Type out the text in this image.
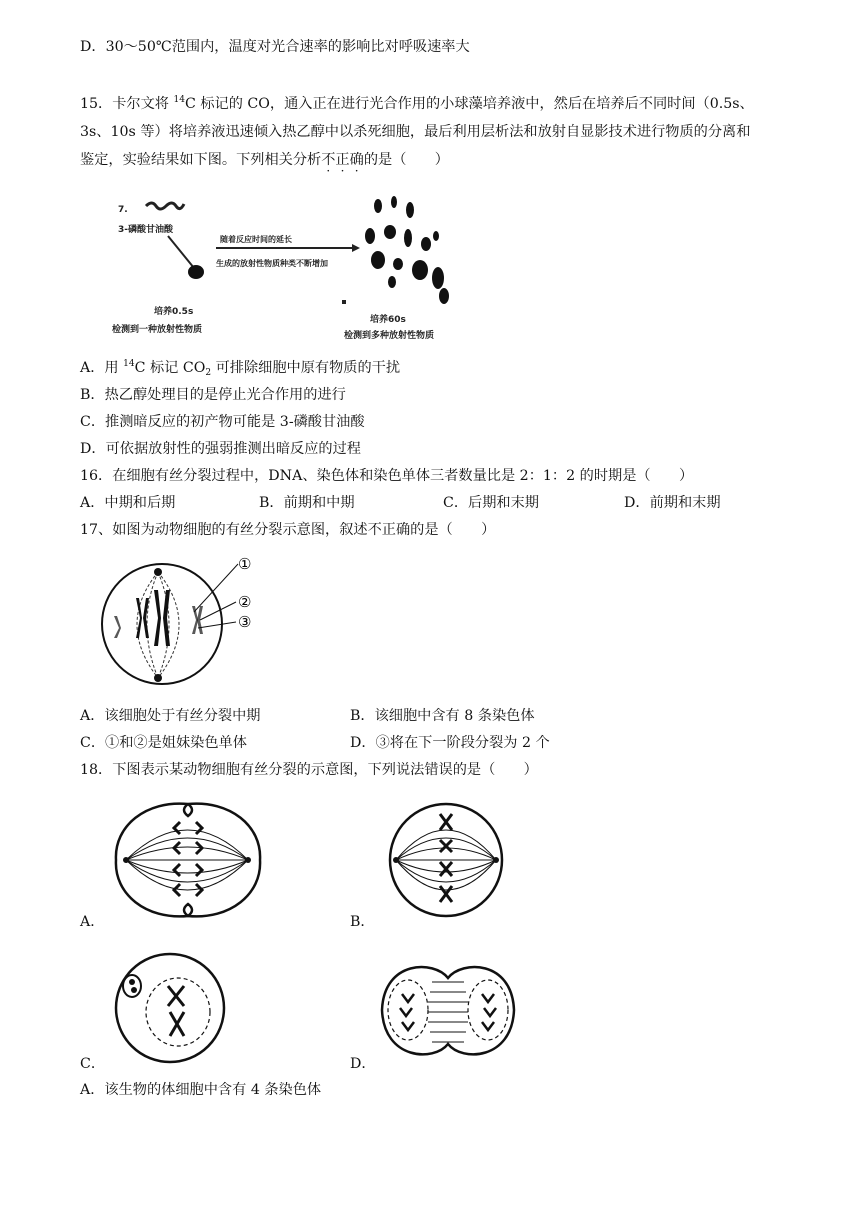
D．30～50℃范围内，温度对光合速率的影响比对呼吸速率大
15．卡尔文将 $^{14}$C 标记的 CO，通入正在进行光合作用的小球藻培养液中，然后在培养后不同时间（0.5s、
3s、10s 等）将培养液迅速倾入热乙醇中以杀死细胞，最后利用层析法和放射自显影技术进行物质的分离和
鉴定，实验结果如下图。下列相关分析不正确的是（　　）
7.
3-磷酸甘油酸
随着反应时间的延长
生成的放射性物质种类不断增加
培养0.5s
检测到一种放射性物质
培养60s
检测到多种放射性物质
A．用 $^{14}$C 标记 $CO_2$ 可排除细胞中原有物质的干扰
B．热乙醇处理目的是停止光合作用的进行
C．推测暗反应的初产物可能是 3-磷酸甘油酸
D．可依据放射性的强弱推测出暗反应的过程
16．在细胞有丝分裂过程中，DNA、染色体和染色单体三者数量比是 2：1：2 的时期是（　　）
A．中期和后期	B．前期和中期	C．后期和末期	D．前期和末期
17、如图为动物细胞的有丝分裂示意图，叙述不正确的是（　　）
①
②
③
A．该细胞处于有丝分裂中期	B．该细胞中含有 8 条染色体
C．①和②是姐妹染色单体	D．③将在下一阶段分裂为 2 个
18．下图表示某动物细胞有丝分裂的示意图，下列说法错误的是（　　）
A．	B．
C．	D．
A．该生物的体细胞中含有 4 条染色体
